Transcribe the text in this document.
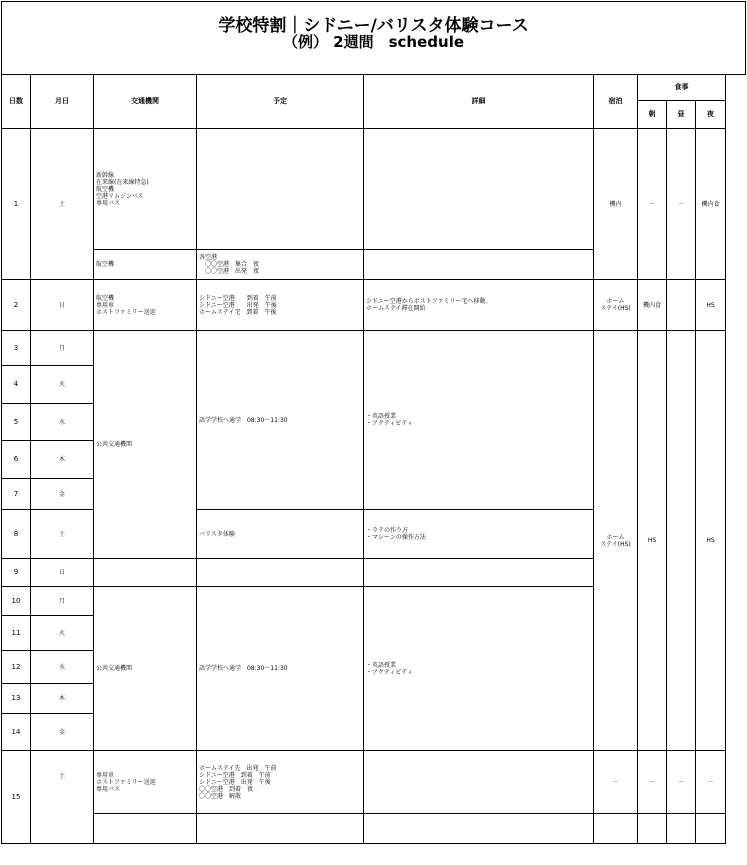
学校特割｜シドニー/バリスタ体験コース
（例） 2週間　schedule
日数	月日	交通機関	予定	詳細	宿泊	食事		
						朝	昼	夜
1	土	新幹線
在来線(在来線特急)
航空機
空港リムジンバス
専用バス			機内	－	－	機内食
		航空機	各空港
　〇〇空港　集合　夜
　〇〇空港　出発　夜					
2	日	航空機
専用車
ホストファミリー送迎	シドニー空港　　到着　午前
シドニー空港　　出発　午後
ホームステイ宅　到着　午後	シドニー空港からホストファミリー宅へ移動。
ホームステイ滞在開始	ホーム
ステイ(HS)	機内食		HS
3	月	公共交通機関	語学学校へ通学　08:30～11:30	・英語授業
・アクティビティ	ホーム
ステイ(HS)	HS		HS
4	火							
5	水							
6	木							
7	金							
8	土		バリスタ体験	・ラテの作り方
・マシーンの操作方法				
9	日							
10	月	公共交通機関	語学学校へ通学　08:30～11:30	・英語授業
・アクティビティ				
11	火							
12	水							
13	木							
14	金							
15	土	専用車
ホストファミリー送迎
専用バス	ホームステイ先　出発　午前
シドニー空港　到着　午前
シドニー空港　出発　午後
〇〇空港　到着　夜
〇〇空港　解散		－	－	－	－
